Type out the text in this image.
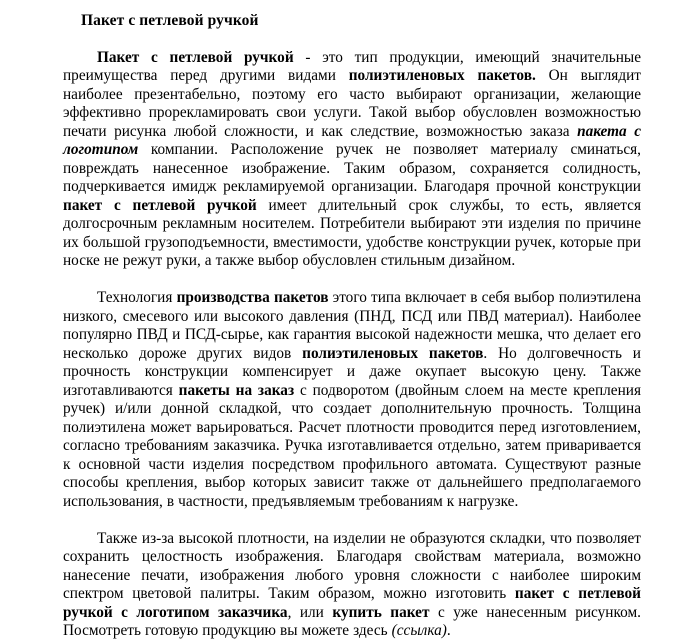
Пакет с петлевой ручкой

Пакет с петлевой ручкой - это тип продукции, имеющий значительные преимущества перед другими видами полиэтиленовых пакетов. Он выглядит наиболее презентабельно, поэтому его часто выбирают организации, желающие эффективно прорекламировать свои услуги. Такой выбор обусловлен возможностью печати рисунка любой сложности, и как следствие, возможностью заказа пакета с логотипом компании. Расположение ручек не позволяет материалу сминаться, повреждать нанесенное изображение. Таким образом, сохраняется солидность, подчеркивается имидж рекламируемой организации. Благодаря прочной конструкции пакет с петлевой ручкой имеет длительный срок службы, то есть, является долгосрочным рекламным носителем. Потребители выбирают эти изделия по причине их большой грузоподъемности, вместимости, удобстве конструкции ручек, которые при носке не режут руки, а также выбор обусловлен стильным дизайном.

Технология производства пакетов этого типа включает в себя выбор полиэтилена низкого, смесевого или высокого давления (ПНД, ПСД или ПВД материал). Наиболее популярно ПВД и ПСД-сырье, как гарантия высокой надежности мешка, что делает его несколько дороже других видов полиэтиленовых пакетов. Но долговечность и прочность конструкции компенсирует и даже окупает высокую цену. Также изготавливаются пакеты на заказ с подворотом (двойным слоем на месте крепления ручек) и/или донной складкой, что создает дополнительную прочность. Толщина полиэтилена может варьироваться. Расчет плотности проводится перед изготовлением, согласно требованиям заказчика. Ручка изготавливается отдельно, затем приваривается к основной части изделия посредством профильного автомата. Существуют разные способы крепления, выбор которых зависит также от дальнейшего предполагаемого использования, в частности, предъявляемым требованиям к нагрузке.

Также из-за высокой плотности, на изделии не образуются складки, что позволяет сохранить целостность изображения. Благодаря свойствам материала, возможно нанесение печати, изображения любого уровня сложности с наиболее широким спектром цветовой палитры. Таким образом, можно изготовить пакет с петлевой ручкой с логотипом заказчика, или купить пакет с уже нанесенным рисунком. Посмотреть готовую продукцию вы можете здесь (ссылка).
